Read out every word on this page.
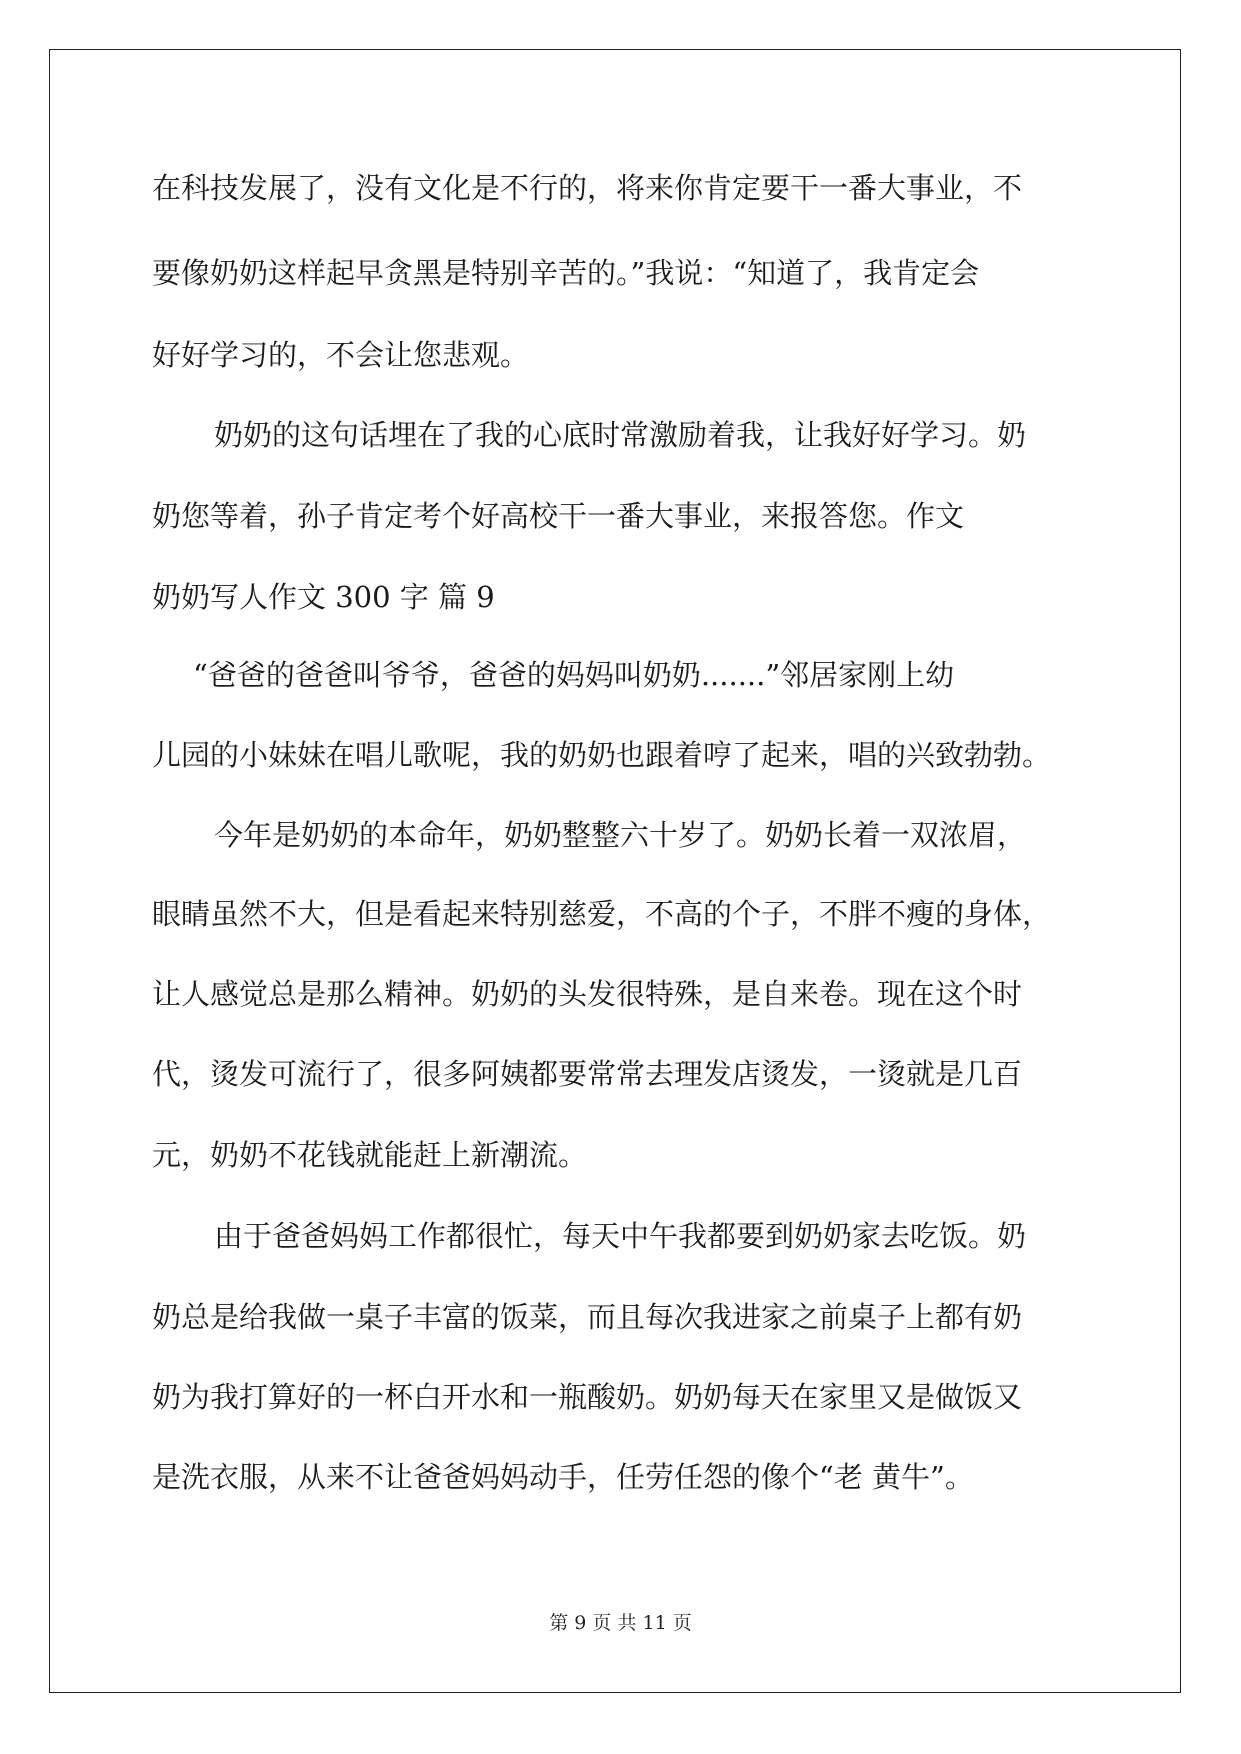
在科技发展了，没有文化是不行的，将来你肯定要干一番大事业，不
要像奶奶这样起早贪黑是特别辛苦的。”我说：“知道了，我肯定会
好好学习的，不会让您悲观。
奶奶的这句话埋在了我的心底时常激励着我，让我好好学习。奶
奶您等着，孙子肯定考个好高校干一番大事业，来报答您。作文
奶奶写人作文 300 字 篇 9
“爸爸的爸爸叫爷爷，爸爸的妈妈叫奶奶.......”邻居家刚上幼
儿园的小妹妹在唱儿歌呢，我的奶奶也跟着哼了起来，唱的兴致勃勃。
今年是奶奶的本命年，奶奶整整六十岁了。奶奶长着一双浓眉，
眼睛虽然不大，但是看起来特别慈爱，不高的个子，不胖不瘦的身体，
让人感觉总是那么精神。奶奶的头发很特殊，是自来卷。现在这个时
代，烫发可流行了，很多阿姨都要常常去理发店烫发，一烫就是几百
元，奶奶不花钱就能赶上新潮流。
由于爸爸妈妈工作都很忙，每天中午我都要到奶奶家去吃饭。奶
奶总是给我做一桌子丰富的饭菜，而且每次我进家之前桌子上都有奶
奶为我打算好的一杯白开水和一瓶酸奶。奶奶每天在家里又是做饭又
是洗衣服，从来不让爸爸妈妈动手，任劳任怨的像个“老 黄牛”。
第 9 页 共 11 页
